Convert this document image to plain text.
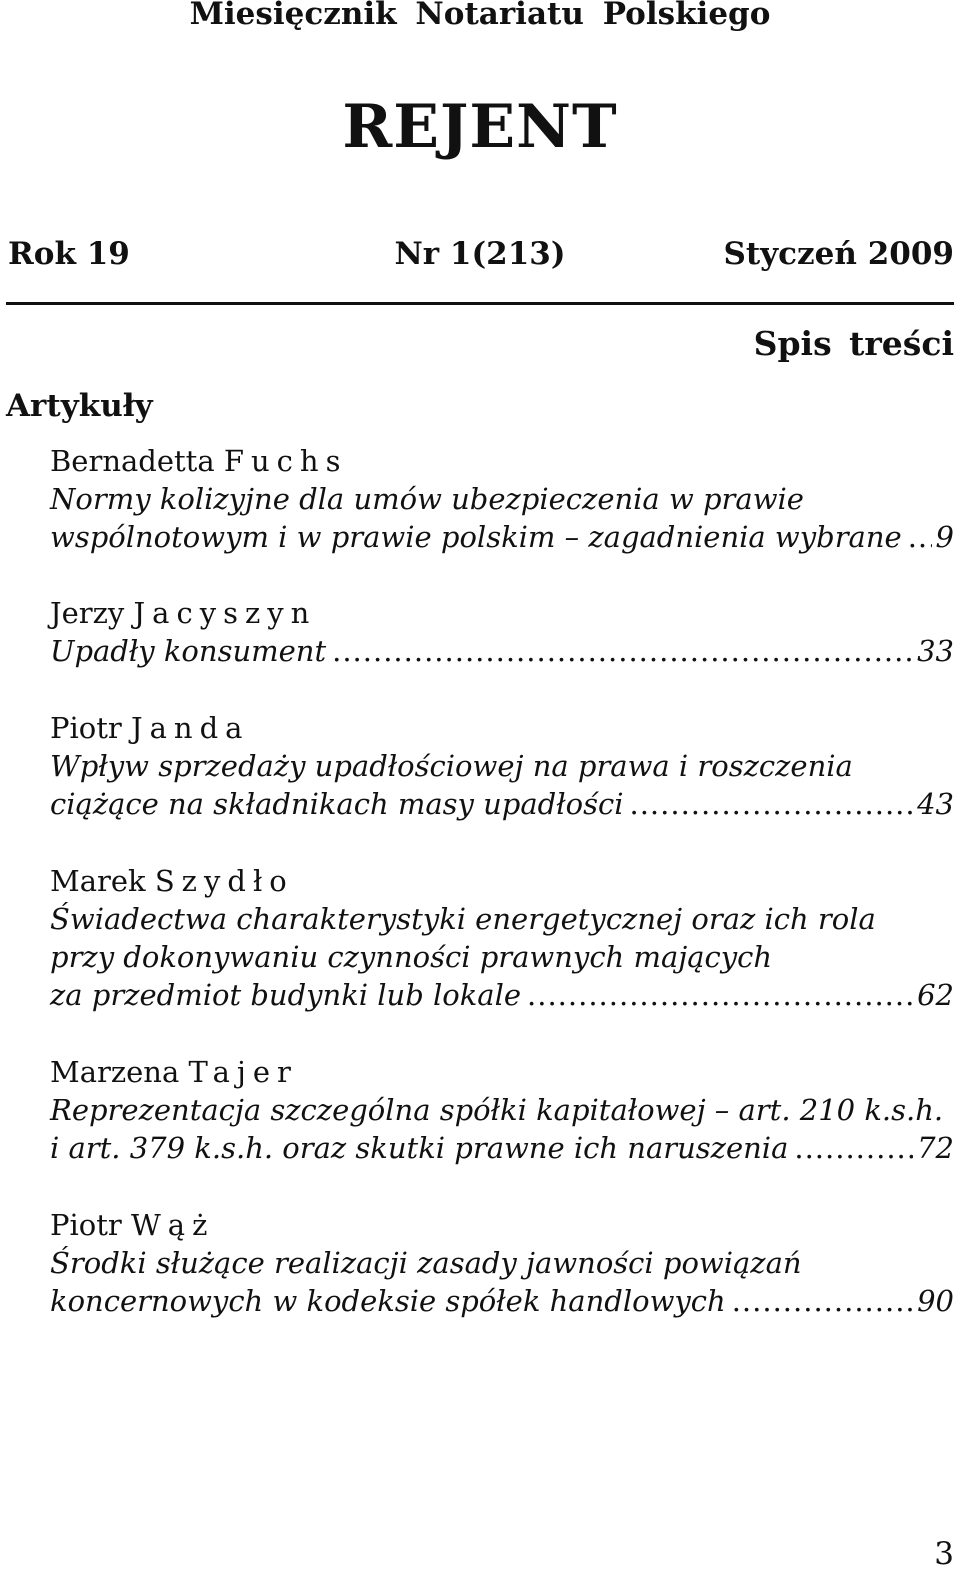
Miesięcznik Notariatu Polskiego
REJENT
Rok 19	Nr 1(213)	Styczeń 2009
Spis treści
Artykuły
Bernadetta Fuchs
Normy kolizyjne dla umów ubezpieczenia w prawie
wspólnotowym i w prawie polskim – zagadnienia wybrane ..... 9
Jerzy Jacyszyn
Upadły konsument .....	33
Piotr Janda
Wpływ sprzedaży upadłościowej na prawa i roszczenia
ciążące na składnikach masy upadłości .....	43
Marek Szydło
Świadectwa charakterystyki energetycznej oraz ich rola
przy dokonywaniu czynności prawnych mających
za przedmiot budynki lub lokale .....	62
Marzena Tajer
Reprezentacja szczególna spółki kapitałowej – art. 210 k.s.h.
i art. 379 k.s.h. oraz skutki prawne ich naruszenia .....	72
Piotr Wąż
Środki służące realizacji zasady jawności powiązań
koncernowych w kodeksie spółek handlowych .....	90
3
